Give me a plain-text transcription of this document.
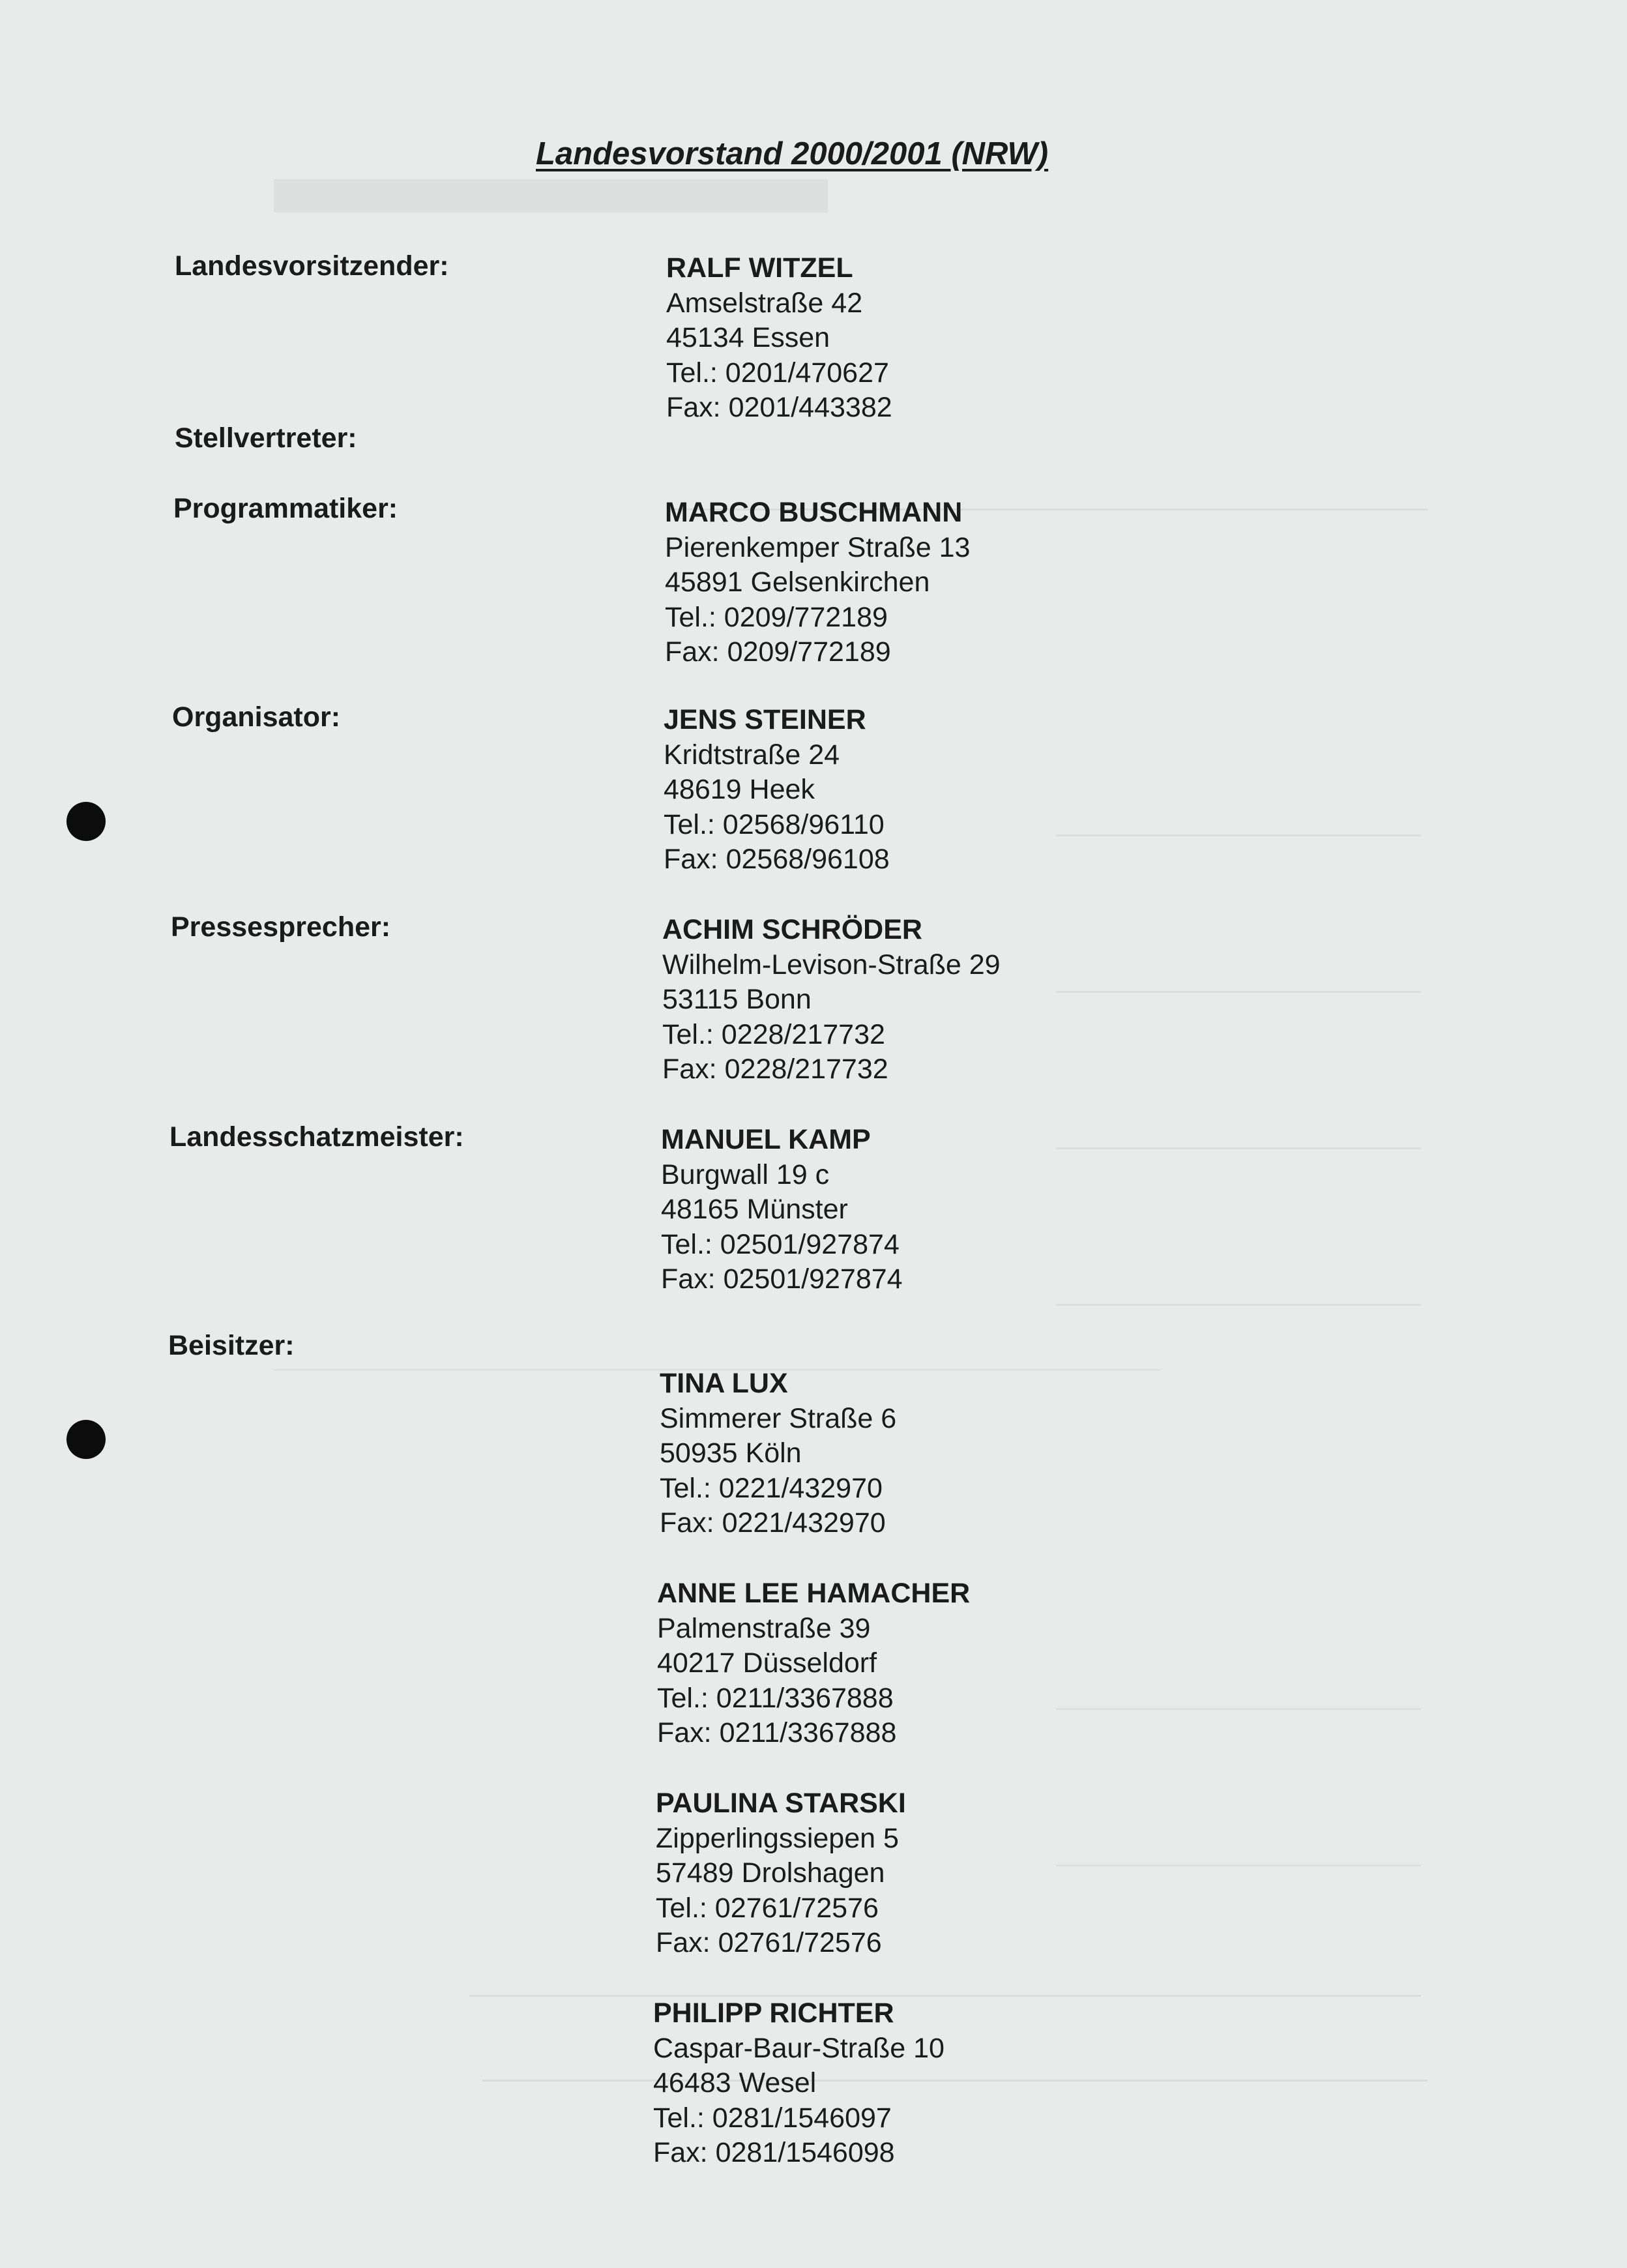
Landesvorstand 2000/2001 (NRW)
Landesvorsitzender:
Stellvertreter:
Programmatiker:
Organisator:
Pressesprecher:
Landesschatzmeister:
Beisitzer:
RALF WITZEL
Amselstraße 42
45134 Essen
Tel.: 0201/470627
Fax: 0201/443382
MARCO BUSCHMANN
Pierenkemper Straße 13
45891 Gelsenkirchen
Tel.: 0209/772189
Fax: 0209/772189
JENS STEINER
Kridtstraße 24
48619 Heek
Tel.: 02568/96110
Fax: 02568/96108
ACHIM SCHRÖDER
Wilhelm-Levison-Straße 29
53115 Bonn
Tel.: 0228/217732
Fax: 0228/217732
MANUEL KAMP
Burgwall 19 c
48165 Münster
Tel.: 02501/927874
Fax: 02501/927874
TINA LUX
Simmerer Straße 6
50935 Köln
Tel.: 0221/432970
Fax: 0221/432970
ANNE LEE HAMACHER
Palmenstraße 39
40217 Düsseldorf
Tel.: 0211/3367888
Fax: 0211/3367888
PAULINA STARSKI
Zipperlingssiepen 5
57489 Drolshagen
Tel.: 02761/72576
Fax: 02761/72576
PHILIPP RICHTER
Caspar-Baur-Straße 10
46483 Wesel
Tel.: 0281/1546097
Fax: 0281/1546098
